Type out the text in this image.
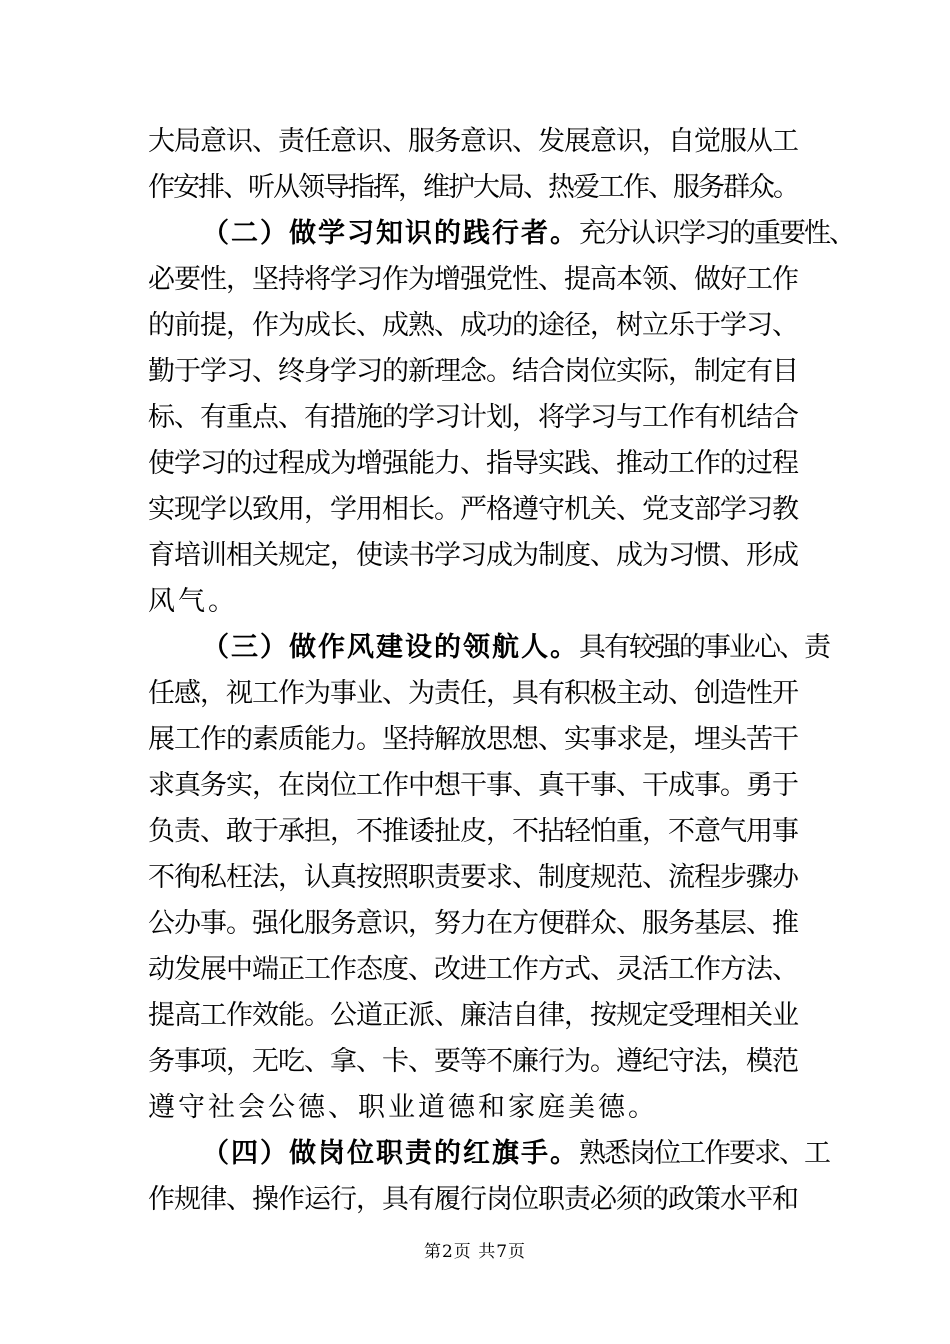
大局意识、责任意识、服务意识、发展意识，自觉服从工
作安排、听从领导指挥，维护大局、热爱工作、服务群众。
（二）做学习知识的践行者。充分认识学习的重要性、
必要性，坚持将学习作为增强党性、提高本领、做好工作
的前提，作为成长、成熟、成功的途径，树立乐于学习、
勤于学习、终身学习的新理念。结合岗位实际，制定有目
标、有重点、有措施的学习计划，将学习与工作有机结合
使学习的过程成为增强能力、指导实践、推动工作的过程
实现学以致用，学用相长。严格遵守机关、党支部学习教
育培训相关规定，使读书学习成为制度、成为习惯、形成
风气。
（三）做作风建设的领航人。具有较强的事业心、责
任感，视工作为事业、为责任，具有积极主动、创造性开
展工作的素质能力。坚持解放思想、实事求是，埋头苦干
求真务实，在岗位工作中想干事、真干事、干成事。勇于
负责、敢于承担，不推诿扯皮，不拈轻怕重，不意气用事
不徇私枉法，认真按照职责要求、制度规范、流程步骤办
公办事。强化服务意识，努力在方便群众、服务基层、推
动发展中端正工作态度、改进工作方式、灵活工作方法、
提高工作效能。公道正派、廉洁自律，按规定受理相关业
务事项，无吃、拿、卡、要等不廉行为。遵纪守法，模范
遵守社会公德、职业道德和家庭美德。
（四）做岗位职责的红旗手。熟悉岗位工作要求、工
作规律、操作运行，具有履行岗位职责必须的政策水平和
第2页 共7页
